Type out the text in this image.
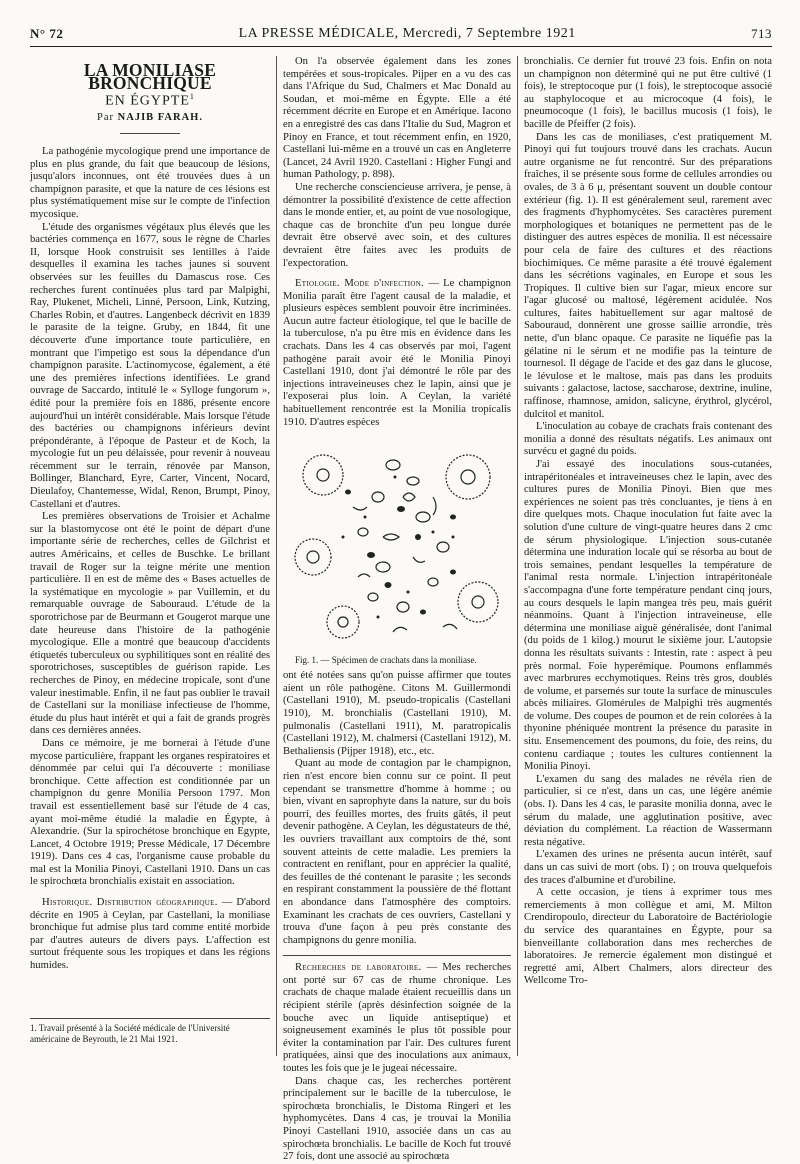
N° 72	LA PRESSE MÉDICALE, Mercredi, 7 Septembre 1921	713
LA MONILIASE BRONCHIQUE
EN ÉGYPTE$^1$
Par NAJIB FARAH.

La pathogénie mycologique prend une importance de plus en plus grande, du fait que beaucoup de lésions, jusqu'alors inconnues, ont été trouvées dues à un champignon parasite, et que la nature de ces lésions est plus systématiquement mise sur le compte de l'infection mycosique.

L'étude des organismes végétaux plus élevés que les bactéries commença en 1677, sous le règne de Charles II, lorsque Hook construisit ses lentilles à l'aide desquelles il examina les taches jaunes si souvent observées sur les feuilles du Damascus rose. Ces recherches furent continuées plus tard par Malpighi, Ray, Plukenet, Micheli, Linné, Persoon, Link, Kutzing, Charles Robin, et d'autres. Langenbeck décrivit en 1839 le parasite de la teigne. Gruby, en 1844, fit une découverte d'une importance toute particulière, en montrant que l'impetigo est sous la dépendance d'un champignon parasite. L'actinomycose, également, a été une des premières infections identifiées. Le grand ouvrage de Saccardo, intitulé le « Sylloge fungorum », édité pour la première fois en 1886, présente encore aujourd'hui un intérêt considérable. Mais lorsque l'étude des bactéries ou champignons inférieurs devint prépondérante, à l'époque de Pasteur et de Koch, la mycologie fut un peu délaissée, pour revenir à nouveau récemment sur le terrain, rénovée par Manson, Bollinger, Blanchard, Eyre, Carter, Vincent, Nocard, Dieulafoy, Chantemesse, Widal, Renon, Brumpt, Pinoy, Castellani et d'autres.

Les premières observations de Troisier et Achalme sur la blastomycose ont été le point de départ d'une importante série de recherches, celles de Gilchrist et autres Américains, et celles de Buschke. Le brillant travail de Roger sur la teigne mérite une mention particulière. Il en est de même des « Bases actuelles de la systématique en mycologie » par Vuillemin, et du remarquable ouvrage de Sabouraud. L'étude de la sporotrichose par de Beurmann et Gougerot marque une date heureuse dans l'histoire de la pathogénie mycologique. Elle a montré que beaucoup d'accidents étiquetés tuberculeux ou syphilitiques sont en réalité des sporotrichoses, susceptibles de guérison rapide. Les recherches de Pinoy, en médecine tropicale, sont d'une valeur inestimable. Enfin, il ne faut pas oublier le travail de Castellani sur la moniliase infectieuse de l'homme, étude du plus haut intérêt et qui a fait de grands progrès dans ces dernières années.

Dans ce mémoire, je me bornerai à l'étude d'une mycose particulière, frappant les organes respiratoires et dénommée par celui qui l'a découverte : moniliase bronchique. Cette affection est conditionnée par un champignon du genre Monilia Persoon 1797. Mon travail est essentiellement basé sur l'étude de 4 cas, ayant moi-même étudié la maladie en Égypte, à Alexandrie. (Sur la spirochétose bronchique en Egypte, Lancet, 4 Octobre 1919; Presse Médicale, 17 Décembre 1919). Dans ces 4 cas, l'organisme cause probable du mal est la Monilia Pinoyi, Castellani 1910. Dans un cas le spirochœta bronchialis existait en association.

Historique. Distribution géographique. — D'abord décrite en 1905 à Ceylan, par Castellani, la moniliase bronchique fut admise plus tard comme entité morbide par d'autres auteurs de divers pays. L'affection est surtout fréquente sous les tropiques et dans les régions humides.

1. Travail présenté à la Société médicale de l'Université américaine de Beyrouth, le 21 Mai 1921.

On l'a observée également dans les zones tempérées et sous-tropicales. Pijper en a vu des cas dans l'Afrique du Sud, Chalmers et Mac Donald au Soudan, et moi-même en Égypte. Elle a été récemment décrite en Europe et en Amérique. Iacono en a enregistré des cas dans l'Italie du Sud, Magron et Pinoy en France, et tout récemment enfin, en 1920, Castellani lui-même en a trouvé un cas en Angleterre (Lancet, 24 Avril 1920. Castellani : Higher Fungi and human Pathology, p. 898).

Une recherche consciencieuse arrivera, je pense, à démontrer la possibilité d'existence de cette affection dans le monde entier, et, au point de vue nosologique, chaque cas de bronchite d'un peu longue durée devrait être observé avec soin, et des cultures devraient être faites avec les produits de l'expectoration.

Etiologie. Mode d'infection. — Le champignon Monilia paraît être l'agent causal de la maladie, et plusieurs espèces semblent pouvoir être incriminées. Aucun autre facteur étiologique, tel que le bacille de la tuberculose, n'a pu être mis en évidence dans les crachats. Dans les 4 cas observés par moi, l'agent pathogène parait avoir été le Monilia Pinoyi Castellani 1910, dont j'ai démontré le rôle par des injections intraveineuses chez le lapin, ainsi que je l'exposerai plus loin. A Ceylan, la variété habituellement rencontrée est la Monilia tropicalis 1910. D'autres espèces

Fig. 1. — Spécimen de crachats dans la moniliase.

ont été notées sans qu'on puisse affirmer que toutes aient un rôle pathogène. Citons M. Guillermondi (Castellani 1910), M. pseudo-tropicalis (Castellani 1910), M. bronchialis (Castellani 1910), M. pulmonalis (Castellani 1911), M. paratropicalis (Castellani 1912), M. chalmersi (Castellani 1912), M. Bethaliensis (Pijper 1918), etc., etc.

Quant au mode de contagion par le champignon, rien n'est encore bien connu sur ce point. Il peut cependant se transmettre d'homme à homme ; ou bien, vivant en saprophyte dans la nature, sur du bois pourri, des feuilles mortes, des fruits gâtés, il peut devenir pathogène. A Ceylan, les dégustateurs de thé, les ouvriers travaillant aux comptoirs de thé, sont souvent atteints de cette maladie. Les premiers la contractent en reniflant, pour en apprécier la qualité, des feuilles de thé contenant le parasite ; les seconds en respirant constamment la poussière de thé flottant en abondance dans l'atmosphère des comptoirs. Examinant les crachats de ces ouvriers, Castellani y trouva d'une façon à peu près constante des champignons du genre monilia.

Recherches de laboratoire. — Mes recherches ont porté sur 67 cas de rhume chronique. Les crachats de chaque malade étaient recueillis dans un récipient stérile (après désinfection soignée de la bouche avec un liquide antiseptique) et soigneusement examinés le plus tôt possible pour éviter la contamination par l'air. Des cultures furent pratiquées, ainsi que des inoculations aux animaux, toutes les fois que je le jugeai nécessaire.

Dans chaque cas, les recherches portèrent principalement sur le bacille de la tuberculose, le spirochœta bronchialis, le Distoma Ringeri et les hyphomycètes. Dans 4 cas, je trouvai la Monilia Pinoyi Castellani 1910, associée dans un cas au spirochœta bronchialis. Le bacille de Koch fut trouvé 27 fois, dont une associé au spirochœta

bronchialis. Ce dernier fut trouvé 23 fois. Enfin on nota un champignon non déterminé qui ne put être cultivé (1 fois), le streptocoque pur (1 fois), le streptocoque associé au staphylocoque et au microcoque (4 fois), le pneumocoque (1 fois), le bacillus mucosis (1 fois), le bacille de Pfeiffer (2 fois).

Dans les cas de moniliases, c'est pratiquement M. Pinoyi qui fut toujours trouvé dans les crachats. Aucun autre organisme ne fut rencontré. Sur des préparations fraîches, il se présente sous forme de cellules arrondies ou ovales, de 3 à 6 μ, présentant souvent un double contour extérieur (fig. 1). Il est généralement seul, rarement avec des fragments d'hyphomycètes. Ses caractères purement morphologiques et botaniques ne permettent pas de le distinguer des autres espèces de monilia. Il est nécessaire pour cela de faire des cultures et des réactions biochimiques. Ce même parasite a été trouvé également dans les sécrétions vaginales, en Europe et sous les Tropiques. Il cultive bien sur l'agar, mieux encore sur l'agar glucosé ou maltosé, légèrement acidulée. Nos cultures, faites habituellement sur agar maltosé de Sabouraud, donnèrent une grosse saillie arrondie, très nette, d'un blanc opaque. Ce parasite ne liquéfie pas la gélatine ni le sérum et ne modifie pas la teinture de tournesol. Il dégage de l'acide et des gaz dans le glucose, le lévulose et le maltose, mais pas dans les produits suivants : galactose, lactose, saccharose, dextrine, inuline, raffinose, rhamnose, amidon, salicyne, érythrol, glycérol, dulcitol et manitol.

L'inoculation au cobaye de crachats frais contenant des monilia a donné des résultats négatifs. Les animaux ont survécu et gagné du poids.

J'ai essayé des inoculations sous-cutanées, intrapéritonéales et intraveineuses chez le lapin, avec des cultures pures de Monilia Pinoyi. Bien que mes expériences ne soient pas très concluantes, je tiens à en dire quelques mots. Chaque inoculation fut faite avec la solution d'une culture de vingt-quatre heures dans 2 cmc de sérum physiologique. L'injection sous-cutanée détermina une induration locale qui se résorba au bout de trois semaines, pendant lesquelles la température de l'animal resta normale. L'injection intrapéritonéale s'accompagna d'une forte température pendant cinq jours, au cours desquels le lapin mangea très peu, mais guérit néanmoins. Quant à l'injection intraveineuse, elle détermina une moniliase aiguë généralisée, dont l'animal (du poids de 1 kilog.) mourut le sixième jour. L'autopsie donna les résultats suivants : Intestin, rate : aspect à peu près normal. Foie hyperémique. Poumons enflammés avec marbrures ecchymotiques. Reins très gros, doublés de volume, et parsemés sur toute la surface de minuscules abcès miliaires. Glomérules de Malpighi très augmentés de volume. Des coupes de poumon et de rein colorées à la thyonine phéniquée montrent la présence du parasite in situ. Ensemencement des poumons, du foie, des reins, du contenu cardiaque ; toutes les cultures contiennent la Monilia Pinoyi.

L'examen du sang des malades ne révéla rien de particulier, si ce n'est, dans un cas, une légère anémie (obs. I). Dans les 4 cas, le parasite monilia donna, avec le sérum du malade, une agglutination positive, avec déviation du complément. La réaction de Wassermann resta négative.

L'examen des urines ne présenta aucun intérêt, sauf dans un cas suivi de mort (obs. I) ; on trouva quelquefois des traces d'albumine et d'urobiline.

A cette occasion, je tiens à exprimer tous mes remerciements à mon collègue et ami, M. Milton Crendiropoulo, directeur du Laboratoire de Bactériologie du service des quarantaines en Égypte, pour sa bienveillante collaboration dans mes recherches de laboratoires. Je remercie également mon distingué et regretté ami, Albert Chalmers, alors directeur des Wellcome Tro-
